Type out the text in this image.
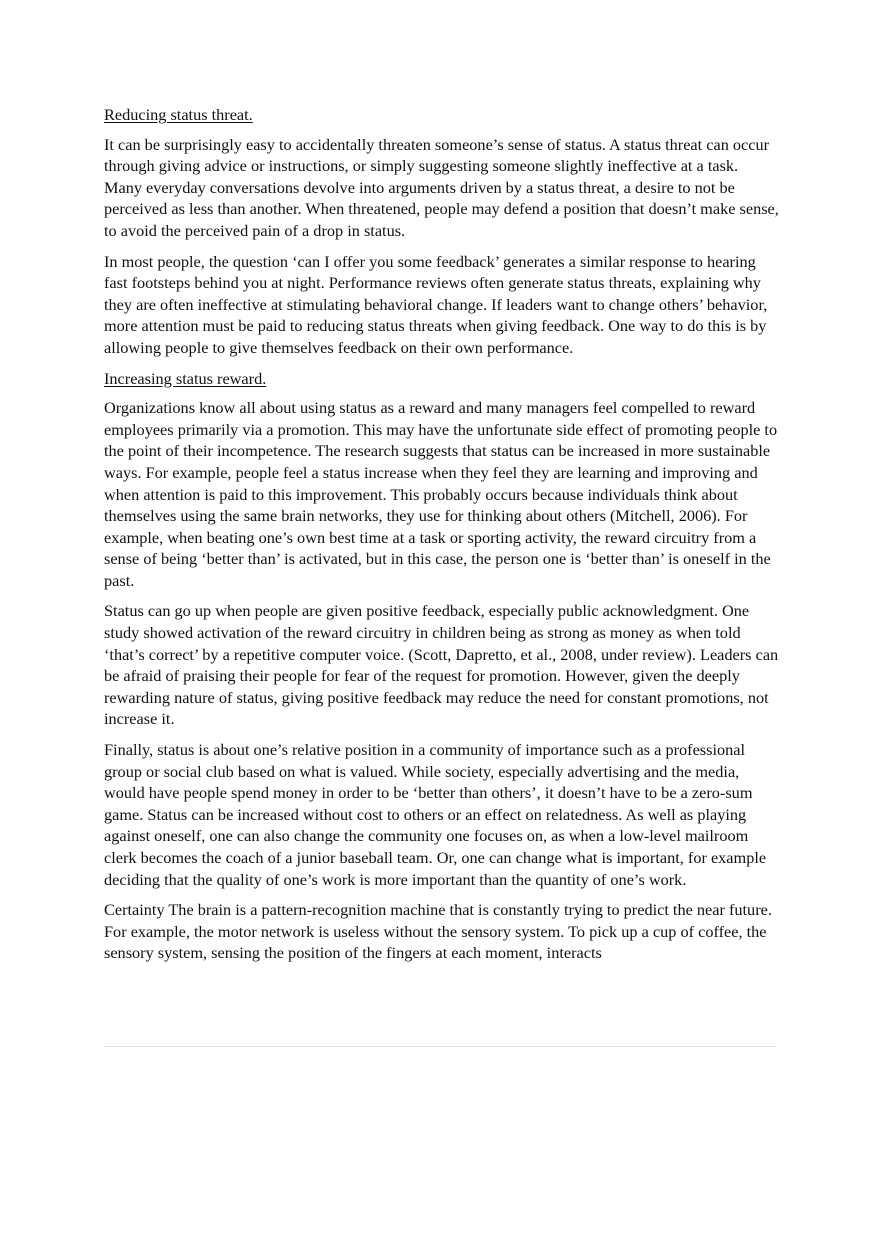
Reducing status threat.

It can be surprisingly easy to accidentally threaten someone’s sense of status. A status threat can occur through giving advice or instructions, or simply suggesting someone slightly ineffective at a task. Many everyday conversations devolve into arguments driven by a status threat, a desire to not be perceived as less than another. When threatened, people may defend a position that doesn’t make sense, to avoid the perceived pain of a drop in status.

In most people, the question ‘can I offer you some feedback’ generates a similar response to hearing fast footsteps behind you at night. Performance reviews often generate status threats, explaining why they are often ineffective at stimulating behavioral change. If leaders want to change others’ behavior, more attention must be paid to reducing status threats when giving feedback. One way to do this is by allowing people to give themselves feedback on their own performance.

Increasing status reward.

Organizations know all about using status as a reward and many managers feel compelled to reward employees primarily via a promotion. This may have the unfortunate side effect of promoting people to the point of their incompetence. The research suggests that status can be increased in more sustainable ways. For example, people feel a status increase when they feel they are learning and improving and when attention is paid to this improvement. This probably occurs because individuals think about themselves using the same brain networks, they use for thinking about others (Mitchell, 2006). For example, when beating one’s own best time at a task or sporting activity, the reward circuitry from a sense of being ‘better than’ is activated, but in this case, the person one is ‘better than’ is oneself in the past.

Status can go up when people are given positive feedback, especially public acknowledgment. One study showed activation of the reward circuitry in children being as strong as money as when told ‘that’s correct’ by a repetitive computer voice. (Scott, Dapretto, et al., 2008, under review). Leaders can be afraid of praising their people for fear of the request for promotion. However, given the deeply rewarding nature of status, giving positive feedback may reduce the need for constant promotions, not increase it.

Finally, status is about one’s relative position in a community of importance such as a professional group or social club based on what is valued. While society, especially advertising and the media, would have people spend money in order to be ‘better than others’, it doesn’t have to be a zero-sum game. Status can be increased without cost to others or an effect on relatedness. As well as playing against oneself, one can also change the community one focuses on, as when a low-level mailroom clerk becomes the coach of a junior baseball team. Or, one can change what is important, for example deciding that the quality of one’s work is more important than the quantity of one’s work.

Certainty The brain is a pattern-recognition machine that is constantly trying to predict the near future. For example, the motor network is useless without the sensory system. To pick up a cup of coffee, the sensory system, sensing the position of the fingers at each moment, interacts
